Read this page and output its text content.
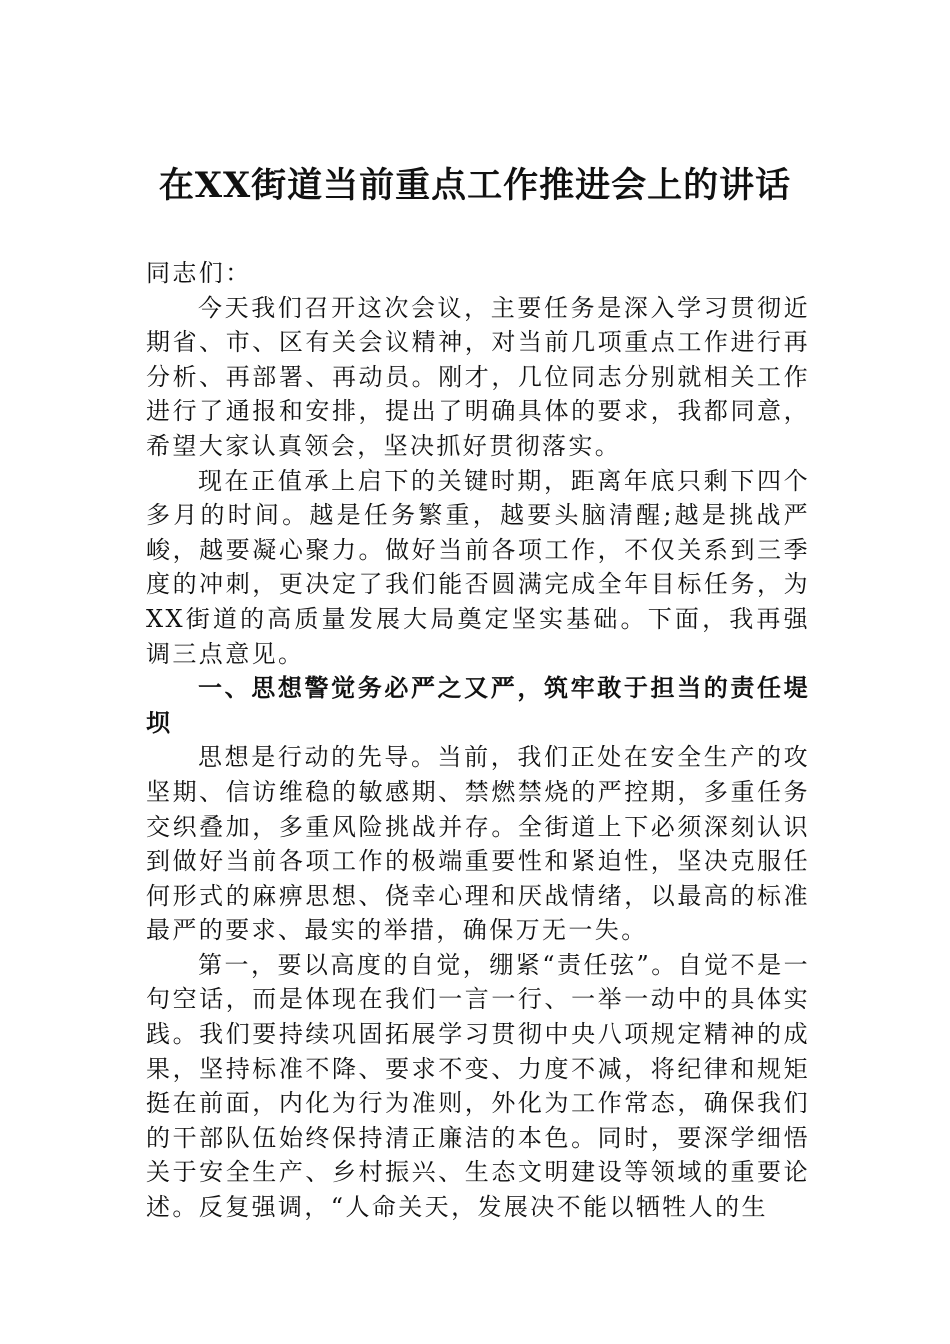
在XX街道当前重点工作推进会上的讲话

同志们：

今天我们召开这次会议，主要任务是深入学习贯彻近期省、市、区有关会议精神，对当前几项重点工作进行再分析、再部署、再动员。刚才，几位同志分别就相关工作进行了通报和安排，提出了明确具体的要求，我都同意，希望大家认真领会，坚决抓好贯彻落实。

现在正值承上启下的关键时期，距离年底只剩下四个多月的时间。越是任务繁重，越要头脑清醒;越是挑战严峻，越要凝心聚力。做好当前各项工作，不仅关系到三季度的冲刺，更决定了我们能否圆满完成全年目标任务，为XX街道的高质量发展大局奠定坚实基础。下面，我再强调三点意见。

一、思想警觉务必严之又严，筑牢敢于担当的责任堤坝

思想是行动的先导。当前，我们正处在安全生产的攻坚期、信访维稳的敏感期、禁燃禁烧的严控期，多重任务交织叠加，多重风险挑战并存。全街道上下必须深刻认识到做好当前各项工作的极端重要性和紧迫性，坚决克服任何形式的麻痹思想、侥幸心理和厌战情绪，以最高的标准最严的要求、最实的举措，确保万无一失。

第一，要以高度的自觉，绷紧“责任弦”。自觉不是一句空话，而是体现在我们一言一行、一举一动中的具体实践。我们要持续巩固拓展学习贯彻中央八项规定精神的成果，坚持标准不降、要求不变、力度不减，将纪律和规矩挺在前面，内化为行为准则，外化为工作常态，确保我们的干部队伍始终保持清正廉洁的本色。同时，要深学细悟关于安全生产、乡村振兴、生态文明建设等领域的重要论述。反复强调，“人命关天，发展决不能以牺牲人的生
